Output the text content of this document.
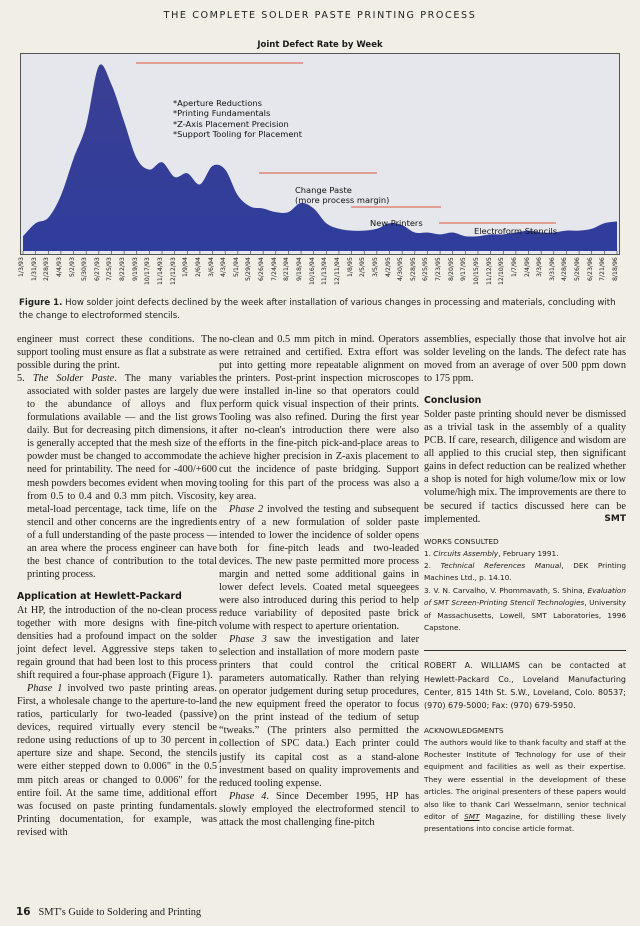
THE COMPLETE SOLDER PASTE PRINTING PROCESS
Joint Defect Rate by Week
*Aperture Reductions
*Printing Fundamentals
*Z-Axis Placement Precision
*Support Tooling for Placement
Change Paste
(more process margin)
New Printers
Electroform Stencils
1/3/93 1/31/93 2/28/93 4/4/93 5/2/93 5/30/93 6/27/93 7/25/93 8/22/93 9/19/93 10/17/93 11/14/93 12/12/93 1/9/94 2/6/94 3/6/94 4/3/94 5/1/94 5/29/94 6/26/94 7/24/94 8/21/94 9/18/94 10/16/94 11/13/94 12/11/94 1/8/95 2/5/95 3/5/95 4/2/95 4/30/95 5/28/95 6/25/95 7/23/95 8/20/95 9/17/95 10/15/95 11/12/95 12/10/95 1/7/96 2/4/96 3/3/96 3/31/96 4/28/96 5/26/96 6/23/96 7/21/96 8/18/96
Figure 1. How solder joint defects declined by the week after installation of various changes in processing and materials, concluding with the change to electroformed stencils.

engineer must correct these conditions. The support tooling must ensure as flat a substrate as possible during the print.

5. The Solder Paste. The many variables associated with solder pastes are largely due to the abundance of alloys and flux formulations available — and the list grows daily. But for decreasing pitch dimensions, it is generally accepted that the mesh size of the powder must be changed to accommodate the need for printability. The need for -400/+600 mesh powders becomes evident when moving from 0.5 to 0.4 and 0.3 mm pitch. Viscosity, metal-load percentage, tack time, life on the stencil and other concerns are the ingredients of a full understanding of the paste process — an area where the process engineer can have the best chance of contribution to the total printing process.

Application at Hewlett-Packard

At HP, the introduction of the no-clean process together with more designs with fine-pitch densities had a profound impact on the solder joint defect level. Aggressive steps taken to regain ground that had been lost to this process shift required a four-phase approach (Figure 1).

Phase 1 involved two paste printing areas. First, a wholesale change to the aperture-to-land ratios, particularly for two-leaded (passive) devices, required virtually every stencil be redone using reductions of up to 30 percent in aperture size and shape. Second, the stencils were either stepped down to 0.006" in the 0.5 mm pitch areas or changed to 0.006" for the entire foil. At the same time, additional effort was focused on paste printing fundamentals. Printing documentation, for example, was revised with

no-clean and 0.5 mm pitch in mind. Operators were retrained and certified. Extra effort was put into getting more repeatable alignment on the printers. Post-print inspection microscopes were installed in-line so that operators could perform quick visual inspection of their prints. Tooling was also refined. During the first year after no-clean's introduction there were also efforts in the fine-pitch pick-and-place areas to achieve higher precision in Z-axis placement to cut the incidence of paste bridging. Support tooling for this part of the process was also a key area.

Phase 2 involved the testing and subsequent entry of a new formulation of solder paste intended to lower the incidence of solder opens both for fine-pitch leads and two-leaded devices. The new paste permitted more process margin and netted some additional gains in lower defect levels. Coated metal squeegees were also introduced during this period to help reduce variability of deposited paste brick volume with respect to aperture orientation.

Phase 3 saw the investigation and later selection and installation of more modern paste printers that could control the critical parameters automatically. Rather than relying on operator judgement during setup procedures, the new equipment freed the operator to focus on the print instead of the tedium of setup “tweaks.” (The printers also permitted the collection of SPC data.) Each printer could justify its capital cost as a stand-alone investment based on quality improvements and reduced tooling expense.

Phase 4. Since December 1995, HP has slowly employed the electroformed stencil to attack the most challenging fine-pitch

assemblies, especially those that involve hot air solder leveling on the lands. The defect rate has moved from an average of over 500 ppm down to 175 ppm.

Conclusion

Solder paste printing should never be dismissed as a trivial task in the assembly of a quality PCB. If care, research, diligence and wisdom are all applied to this crucial step, then significant gains in defect reduction can be realized whether a shop is noted for high volume/low mix or low volume/high mix. The improvements are there to be secured if tactics discussed here can be implemented.	SMT

WORKS CONSULTED
1. Circuits Assembly, February 1991.
2. Technical References Manual, DEK Printing Machines Ltd., p. 14.10.
3. V. N. Carvalho, V. Phommavath, S. Shina, Evaluation of SMT Screen-Printing Stencil Technologies, University of Massachusetts, Lowell, SMT Laboratories, 1996 Capstone.
ROBERT A. WILLIAMS can be contacted at Hewlett-Packard Co., Loveland Manufacturing Center, 815 14th St. S.W., Loveland, Colo. 80537; (970) 679-5000; Fax: (970) 679-5950.
ACKNOWLEDGMENTS
The authors would like to thank faculty and staff at the Rochester Institute of Technology for use of their equipment and facilities as well as their expertise. They were essential in the development of these articles. The original presenters of these papers would also like to thank Carl Wesselmann, senior technical editor of SMT Magazine, for distilling these lively presentations into concise article format.
16 SMT's Guide to Soldering and Printing
